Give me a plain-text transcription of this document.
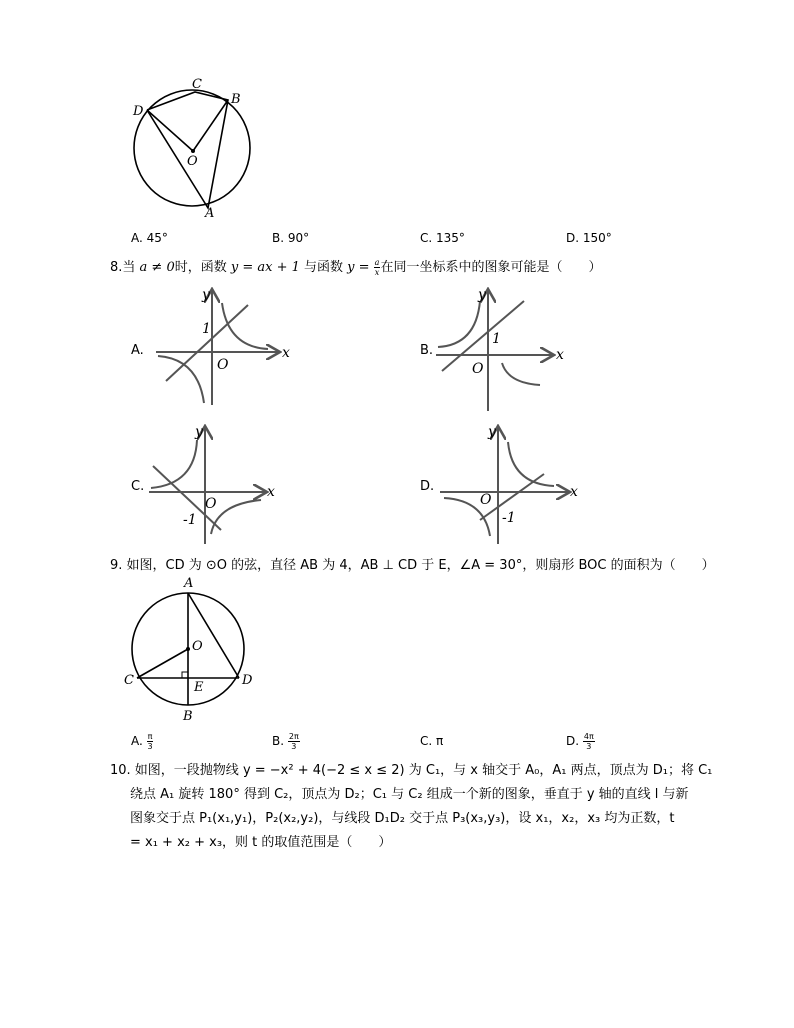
C
B
D
O
A
A. 45°	B. 90°	C. 135°	D. 150°
8.当 a ≠ 0时，函数 y = ax + 1 与函数 $y = \frac{a}{x}$ 在同一坐标系中的图象可能是（　　）
A.
y
x
O
1
B.
y
x
O
1
C.
y
x
O
-1
D.
y
x
O
-1
9. 如图，CD 为 ⊙O 的弦，直径 AB 为 4，AB ⊥ CD 于 E，∠A = 30°，则扇形 BOC 的面积为（　　）
A
O
C	E	D
B
A. $\frac{\pi}{3}$	B. $\frac{2\pi}{3}$	C. π	D. $\frac{4\pi}{3}$
10. 如图，一段抛物线 y = −x² + 4(−2 ≤ x ≤ 2) 为 C₁，与 x 轴交于 A₀，A₁ 两点，顶点为 D₁；将 C₁
绕点 A₁ 旋转 180° 得到 C₂，顶点为 D₂；C₁ 与 C₂ 组成一个新的图象，垂直于 y 轴的直线 l 与新
图象交于点 P₁(x₁,y₁)，P₂(x₂,y₂)，与线段 D₁D₂ 交于点 P₃(x₃,y₃)，设 x₁，x₂，x₃ 均为正数，t
= x₁ + x₂ + x₃，则 t 的取值范围是（　　）
